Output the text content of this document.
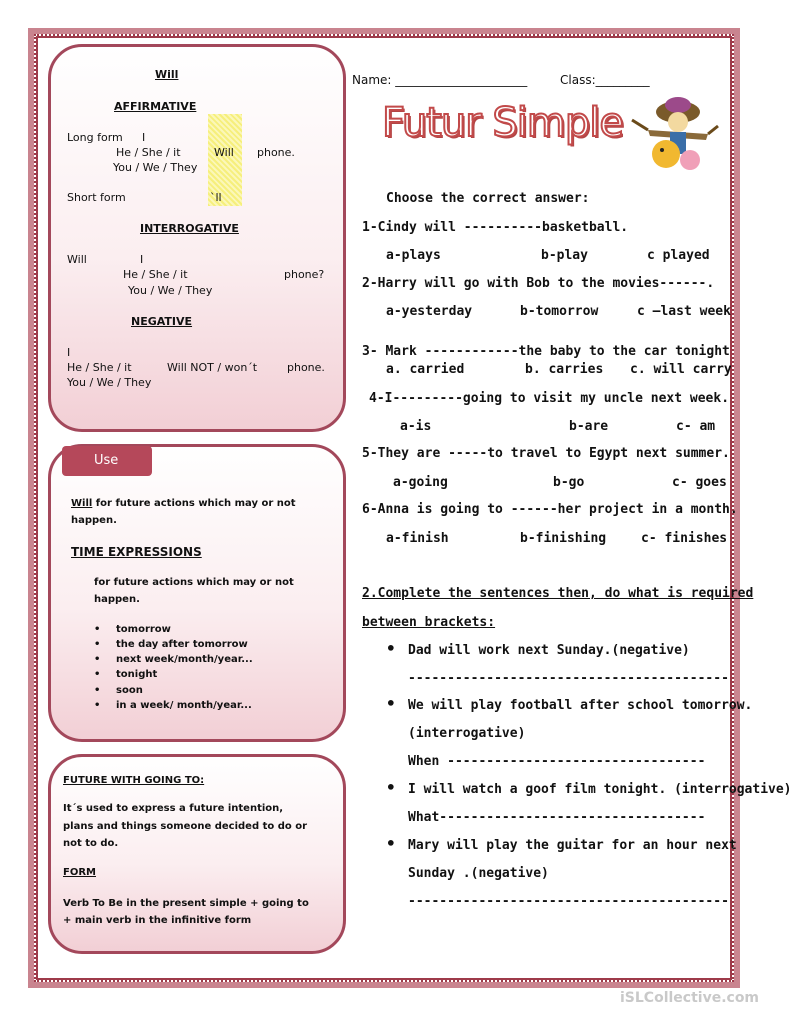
Will
AFFIRMATIVE
Long form I
He / She / it	Will phone.
You / We / They
Short form	`ll
INTERROGATIVE
Will	I
He / She / it	phone?
You / We / They
NEGATIVE
I
He / She / it	Will NOT / won´t	phone.
You / We / They
Use
Will for future actions which may or not
happen.
TIME EXPRESSIONS
for future actions which may or not
happen.
• tomorrow
• the day after tomorrow
• next week/month/year...
• tonight
• soon
• in a week/ month/year...
FUTURE WITH GOING TO:
It´s used to express a future intention,
plans and things someone decided to do or
not to do.
FORM
Verb To Be in the present simple + going to
+ main verb in the infinitive form
Name: ______________________	Class:_________
Futur Simple
Choose the correct answer:
1-Cindy will ----------basketball.
a-plays	b-play	c played
2-Harry will go with Bob to the movies------.
a-yesterday	b-tomorrow	c –last week
3- Mark ------------the baby to the car tonight
a. carried	b. carries c. will carry
4-I---------going to visit my uncle next week.
a-is	b-are	c- am
5-They are -----to travel to Egypt next summer.
a-going	b-go	c- goes
6-Anna is going to ------her project in a month.
a-finish	b-finishing	c- finishes
2.Complete the sentences then, do what is required
between brackets:
• Dad will work next Sunday.(negative)
-----------------------------------------
• We will play football after school tomorrow.
(interrogative)
When ---------------------------------
• I will watch a goof film tonight. (interrogative)
What----------------------------------
• Mary will play the guitar for an hour next
Sunday .(negative)
-----------------------------------------
iSLCollective.com
